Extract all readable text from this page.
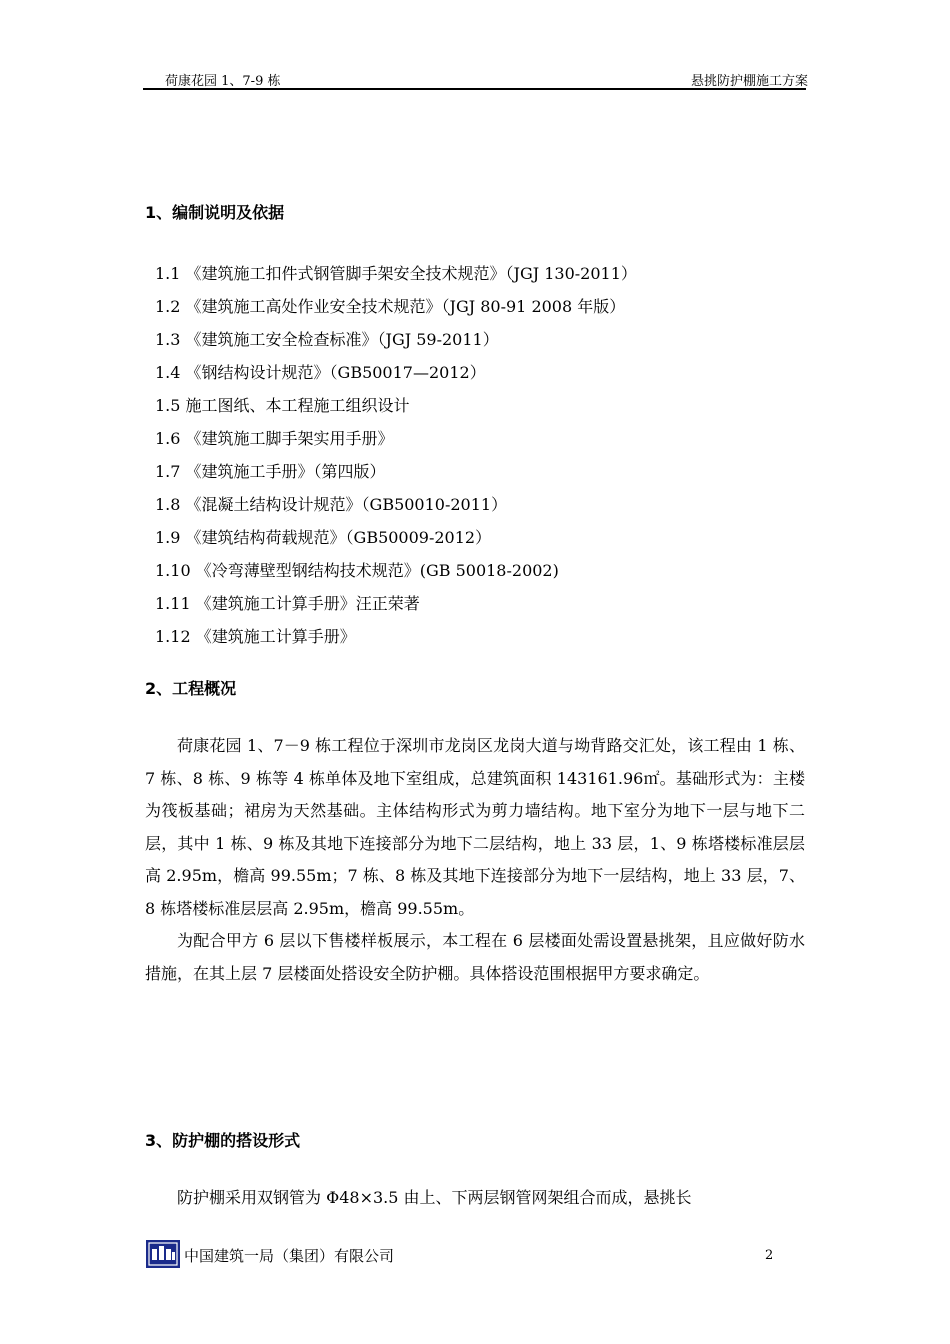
荷康花园 1、7-9 栋	悬挑防护棚施工方案
1、编制说明及依据
1.1 《建筑施工扣件式钢管脚手架安全技术规范》（JGJ 130-2011）
1.2 《建筑施工高处作业安全技术规范》（JGJ 80-91 2008 年版）
1.3 《建筑施工安全检查标准》（JGJ 59-2011）
1.4 《钢结构设计规范》（GB50017—2012）
1.5 施工图纸、本工程施工组织设计
1.6 《建筑施工脚手架实用手册》
1.7 《建筑施工手册》（第四版）
1.8 《混凝土结构设计规范》（GB50010-2011）
1.9 《建筑结构荷载规范》（GB50009-2012）
1.10 《冷弯薄壁型钢结构技术规范》(GB 50018-2002)
1.11 《建筑施工计算手册》汪正荣著
1.12 《建筑施工计算手册》
2、工程概况

荷康花园 1、7－9 栋工程位于深圳市龙岗区龙岗大道与坳背路交汇处，该工程由 1 栋、7 栋、8 栋、9 栋等 4 栋单体及地下室组成，总建筑面积 143161.96㎡。基础形式为：主楼为筏板基础；裙房为天然基础。主体结构形式为剪力墙结构。地下室分为地下一层与地下二层，其中 1 栋、9 栋及其地下连接部分为地下二层结构，地上 33 层，1、9 栋塔楼标准层层高 2.95m，檐高 99.55m；7 栋、8 栋及其地下连接部分为地下一层结构，地上 33 层，7、8 栋塔楼标准层层高 2.95m，檐高 99.55m。

为配合甲方 6 层以下售楼样板展示，本工程在 6 层楼面处需设置悬挑架，且应做好防水措施，在其上层 7 层楼面处搭设安全防护棚。具体搭设范围根据甲方要求确定。

3、防护棚的搭设形式

防护棚采用双钢管为 Φ48×3.5 由上、下两层钢管网架组合而成，悬挑长

中国建筑一局（集团）有限公司	2
